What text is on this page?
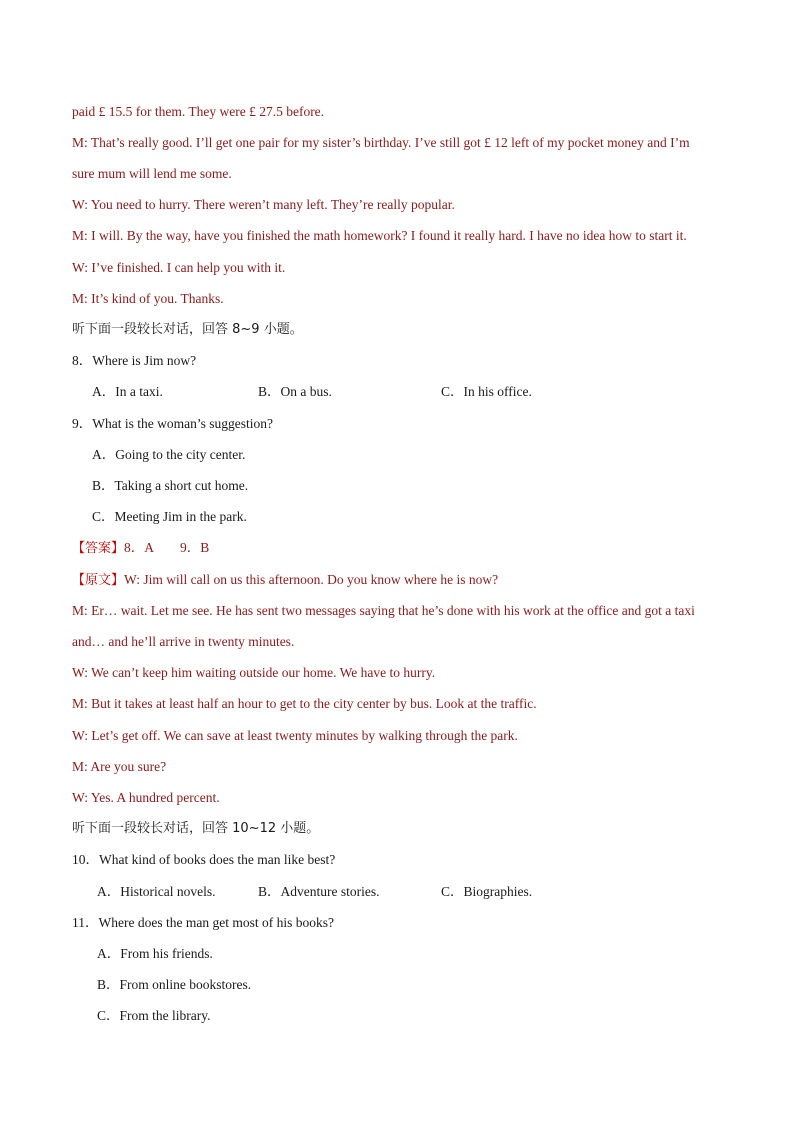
paid £ 15.5 for them. They were £ 27.5 before.
M: That’s really good. I’ll get one pair for my sister’s birthday. I’ve still got £ 12 left of my pocket money and I’m
sure mum will lend me some.
W: You need to hurry. There weren’t many left. They’re really popular.
M: I will. By the way, have you finished the math homework? I found it really hard. I have no idea how to start it.
W: I’ve finished. I can help you with it.
M: It’s kind of you. Thanks.
听下面一段较长对话，回答 8~9 小题。
8．Where is Jim now?
A．In a taxi.	B．On a bus.	C．In his office.
9．What is the woman’s suggestion?
A．Going to the city center.
B．Taking a short cut home.
C．Meeting Jim in the park.
【答案】8．A 9．B
【原文】W: Jim will call on us this afternoon. Do you know where he is now?
M: Er… wait. Let me see. He has sent two messages saying that he’s done with his work at the office and got a taxi
and… and he’ll arrive in twenty minutes.
W: We can’t keep him waiting outside our home. We have to hurry.
M: But it takes at least half an hour to get to the city center by bus. Look at the traffic.
W: Let’s get off. We can save at least twenty minutes by walking through the park.
M: Are you sure?
W: Yes. A hundred percent.
听下面一段较长对话，回答 10~12 小题。
10．What kind of books does the man like best?
A．Historical novels.	B．Adventure stories.	C．Biographies.
11．Where does the man get most of his books?
A．From his friends.
B．From online bookstores.
C．From the library.
